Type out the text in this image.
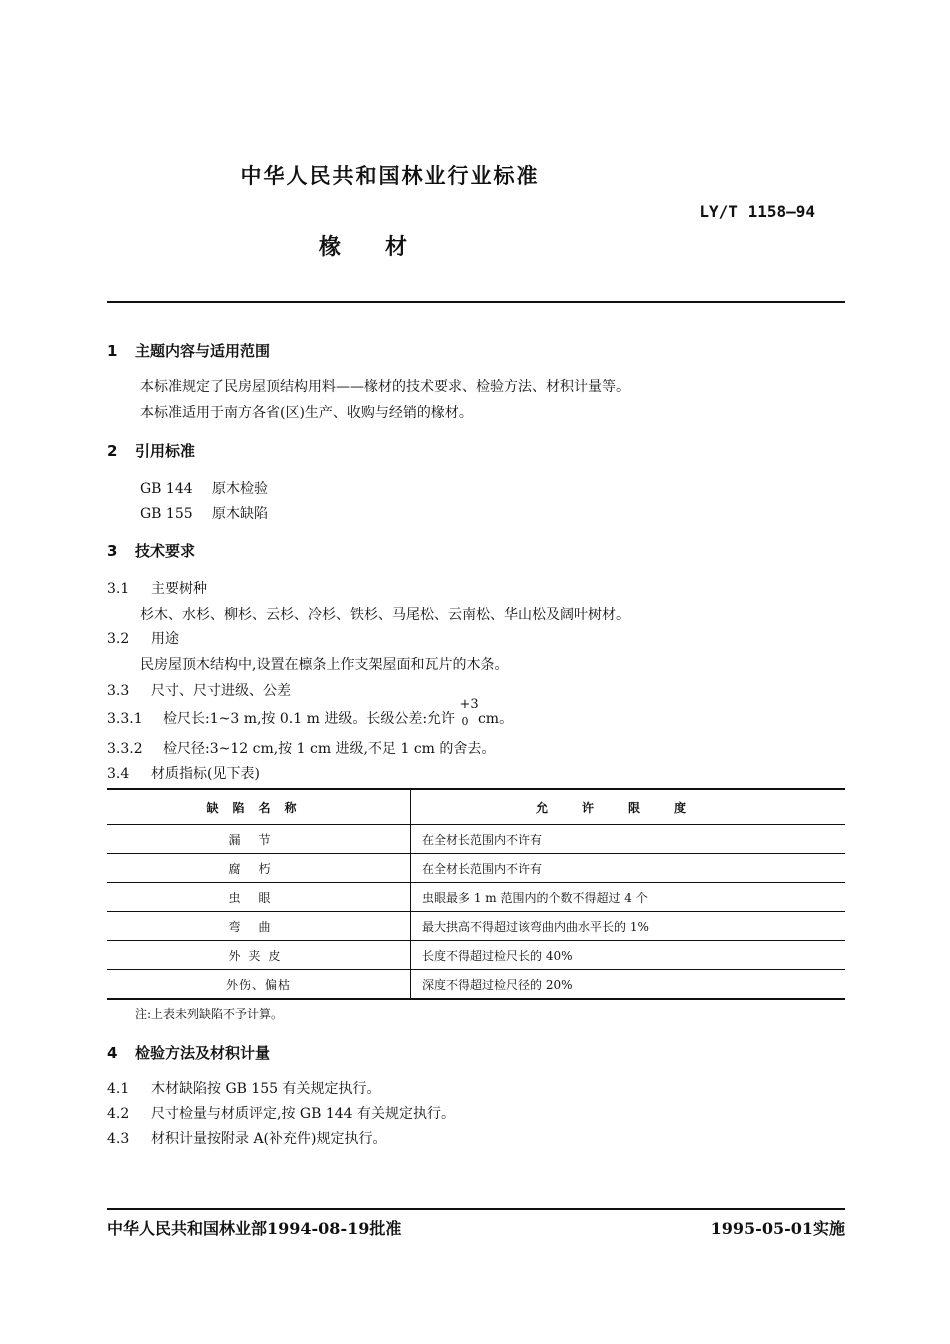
中华人民共和国林业行业标准
LY/T 1158—94
椽材
1 主题内容与适用范围
本标准规定了民房屋顶结构用料——椽材的技术要求、检验方法、材积计量等。
本标准适用于南方各省(区)生产、收购与经销的椽材。
2 引用标准
GB 144 原木检验
GB 155 原木缺陷
3 技术要求
3.1 主要树种
杉木、水杉、柳杉、云杉、冷杉、铁杉、马尾松、云南松、华山松及阔叶树材。
3.2 用途
民房屋顶木结构中,设置在檩条上作支架屋面和瓦片的木条。
3.3 尺寸、尺寸进级、公差
3.3.1 检尺长:1~3 m,按 0.1 m 进级。长级公差:允许
+3
0 cm。
3.3.2 检尺径:3~12 cm,按 1 cm 进级,不足 1 cm 的舍去。
3.4 材质指标(见下表)
缺陷名称	允许限度
漏节	在全材长范围内不许有
腐朽	在全材长范围内不许有
虫眼	虫眼最多 1 m 范围内的个数不得超过 4 个
弯曲	最大拱高不得超过该弯曲内曲水平长的 1%
外夹皮	长度不得超过检尺长的 40%
外伤、偏枯	深度不得超过检尺径的 20%
注:上表未列缺陷不予计算。
4 检验方法及材积计量
4.1 木材缺陷按 GB 155 有关规定执行。
4.2 尺寸检量与材质评定,按 GB 144 有关规定执行。
4.3 材积计量按附录 A(补充件)规定执行。
中华人民共和国林业部1994-08-19批准	1995-05-01实施
